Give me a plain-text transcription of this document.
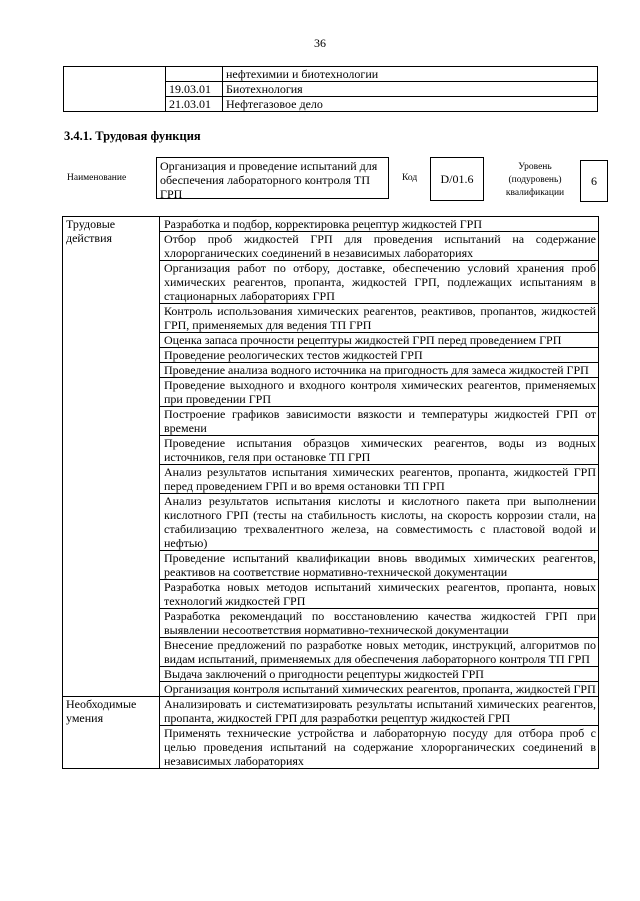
36
		нефтехимии и биотехнологии
	19.03.01	Биотехнология
	21.03.01	Нефтегазовое дело
3.4.1. Трудовая функция
Наименование
Организация и проведение испытаний для обеспечения лабораторного контроля ТП ГРП
Код	D/01.6
Уровень
(подуровень)
квалификации
6
Трудовые действия	Разработка и подбор, корректировка рецептур жидкостей ГРП
	Отбор проб жидкостей ГРП для проведения испытаний на содержание хлорорганических соединений в независимых лабораториях
	Организация работ по отбору, доставке, обеспечению условий хранения проб химических реагентов, пропанта, жидкостей ГРП, подлежащих испытаниям в стационарных лабораториях ГРП
	Контроль использования химических реагентов, реактивов, пропантов, жидкостей ГРП, применяемых для ведения ТП ГРП
	Оценка запаса прочности рецептуры жидкостей ГРП перед проведением ГРП
	Проведение реологических тестов жидкостей ГРП
	Проведение анализа водного источника на пригодность для замеса жидкостей ГРП
	Проведение выходного и входного контроля химических реагентов, применяемых при проведении ГРП
	Построение графиков зависимости вязкости и температуры жидкостей ГРП от времени
	Проведение испытания образцов химических реагентов, воды из водных источников, геля при остановке ТП ГРП
	Анализ результатов испытания химических реагентов, пропанта, жидкостей ГРП перед проведением ГРП и во время остановки ТП ГРП
	Анализ результатов испытания кислоты и кислотного пакета при выполнении кислотного ГРП (тесты на стабильность кислоты, на скорость коррозии стали, на стабилизацию трехвалентного железа, на совместимость с пластовой водой и нефтью)
	Проведение испытаний квалификации вновь вводимых химических реагентов, реактивов на соответствие нормативно-технической документации
	Разработка новых методов испытаний химических реагентов, пропанта, новых технологий жидкостей ГРП
	Разработка рекомендаций по восстановлению качества жидкостей ГРП при выявлении несоответствия нормативно-технической документации
	Внесение предложений по разработке новых методик, инструкций, алгоритмов по видам испытаний, применяемых для обеспечения лабораторного контроля ТП ГРП
	Выдача заключений о пригодности рецептуры жидкостей ГРП
	Организация контроля испытаний химических реагентов, пропанта, жидкостей ГРП
Необходимые умения	Анализировать и систематизировать результаты испытаний химических реагентов, пропанта, жидкостей ГРП для разработки рецептур жидкостей ГРП
	Применять технические устройства и лабораторную посуду для отбора проб с целью проведения испытаний на содержание хлорорганических соединений в независимых лабораториях
